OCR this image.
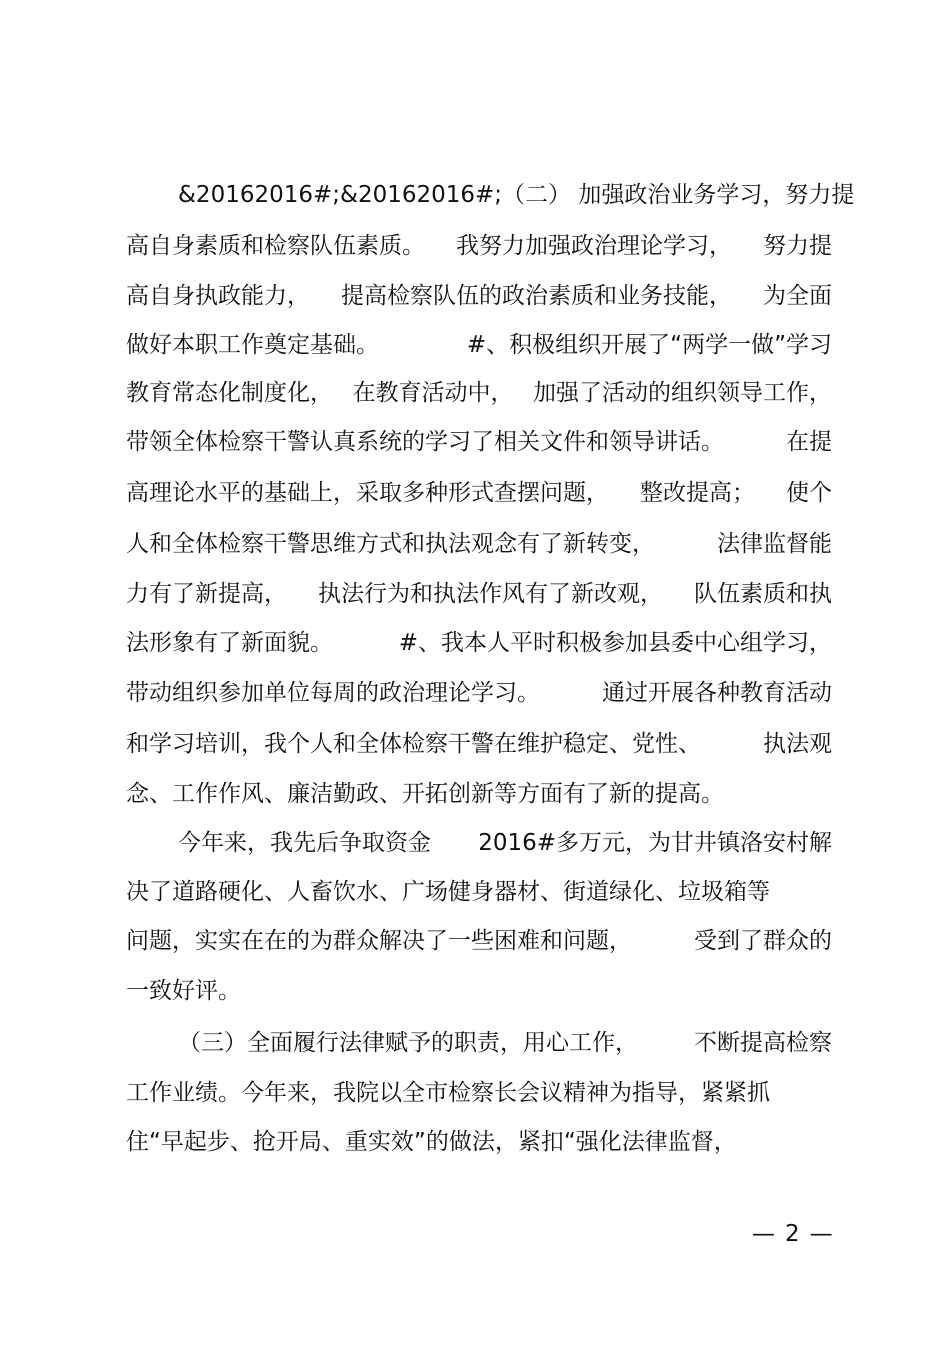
&20162016#;&20162016#;（二） 加强政治业务学习，努力提
高自身素质和检察队伍素质。 我努力加强政治理论学习， 努力提
高自身执政能力， 提高检察队伍的政治素质和业务技能， 为全面
做好本职工作奠定基础。	#、积极组织开展了“两学一做”学习
教育常态化制度化， 在教育活动中， 加强了活动的组织领导工作，
带领全体检察干警认真系统的学习了相关文件和领导讲话。	在提
高理论水平的基础上，采取多种形式查摆问题， 整改提高； 使个
人和全体检察干警思维方式和执法观念有了新转变，	法律监督能
力有了新提高， 执法行为和执法作风有了新改观， 队伍素质和执
法形象有了新面貌。	#、我本人平时积极参加县委中心组学习，
带动组织参加单位每周的政治理论学习。	通过开展各种教育活动
和学习培训，我个人和全体检察干警在维护稳定、党性、	执法观
念、工作作风、廉洁勤政、开拓创新等方面有了新的提高。
今年来，我先后争取资金 2016#多万元，为甘井镇洛安村解
决了道路硬化、人畜饮水、广场健身器材、街道绿化、垃圾箱等
问题，实实在在的为群众解决了一些困难和问题，	受到了群众的
一致好评。
（三）全面履行法律赋予的职责，用心工作， 不断提高检察
工作业绩。今年来，我院以全市检察长会议精神为指导，紧紧抓
住“早起步、抢开局、重实效”的做法，紧扣“强化法律监督，
— 2 —
